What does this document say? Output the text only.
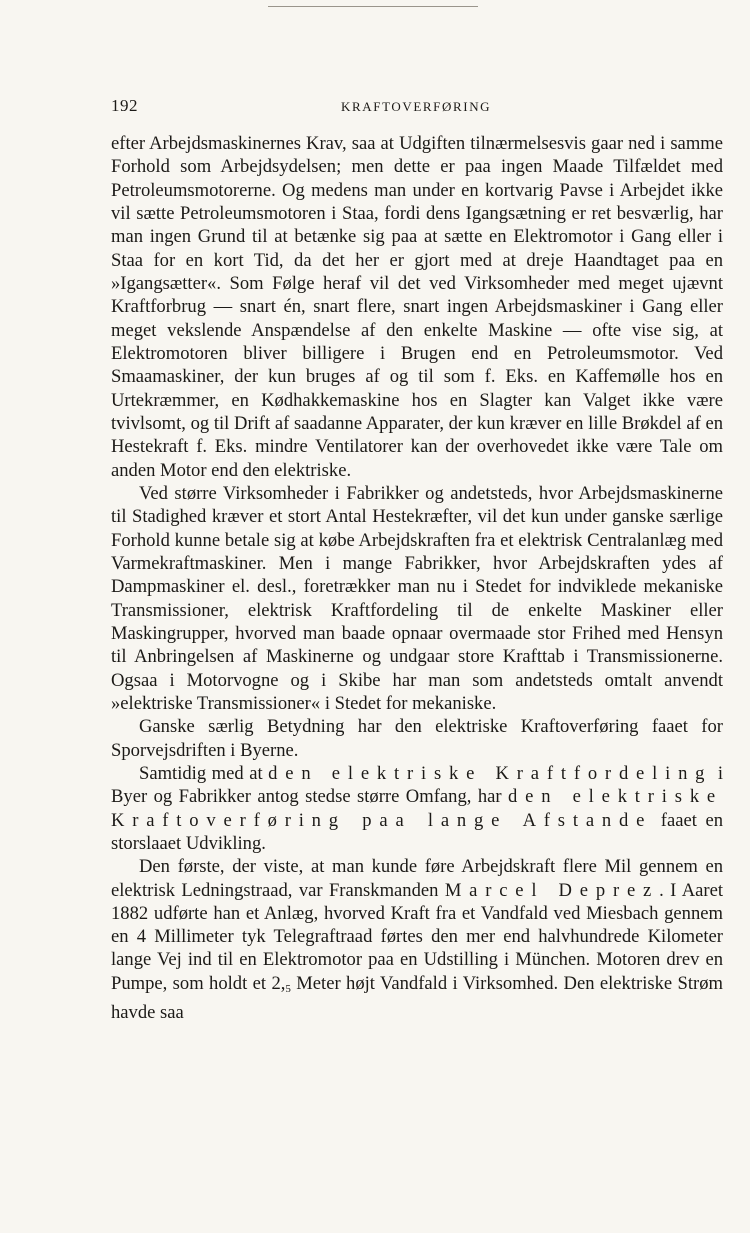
192	KRAFTOVERFØRING

efter Arbejdsmaskinernes Krav, saa at Udgiften tilnærmelsesvis gaar ned i samme Forhold som Arbejdsydelsen; men dette er paa ingen Maade Tilfældet med Petroleumsmotorerne. Og medens man under en kortvarig Pavse i Arbejdet ikke vil sætte Petroleumsmotoren i Staa, fordi dens Igangsætning er ret besværlig, har man ingen Grund til at betænke sig paa at sætte en Elektromotor i Gang eller i Staa for en kort Tid, da det her er gjort med at dreje Haandtaget paa en »Igangsætter«. Som Følge heraf vil det ved Virksomheder med meget ujævnt Kraftforbrug — snart én, snart flere, snart ingen Arbejdsmaskiner i Gang eller meget vekslende Anspændelse af den enkelte Maskine — ofte vise sig, at Elektromotoren bliver billigere i Brugen end en Petroleumsmotor. Ved Smaamaskiner, der kun bruges af og til som f. Eks. en Kaffemølle hos en Urtekræmmer, en Kødhakkemaskine hos en Slagter kan Valget ikke være tvivlsomt, og til Drift af saadanne Apparater, der kun kræver en lille Brøkdel af en Hestekraft f. Eks. mindre Ventilatorer kan der overhovedet ikke være Tale om anden Motor end den elektriske.

Ved større Virksomheder i Fabrikker og andetsteds, hvor Arbejdsmaskinerne til Stadighed kræver et stort Antal Hestekræfter, vil det kun under ganske særlige Forhold kunne betale sig at købe Arbejdskraften fra et elektrisk Centralanlæg med Varmekraftmaskiner. Men i mange Fabrikker, hvor Arbejdskraften ydes af Dampmaskiner el. desl., foretrækker man nu i Stedet for indviklede mekaniske Transmissioner, elektrisk Kraftfordeling til de enkelte Maskiner eller Maskingrupper, hvorved man baade opnaar overmaade stor Frihed med Hensyn til Anbringelsen af Maskinerne og undgaar store Krafttab i Transmissionerne. Ogsaa i Motorvogne og i Skibe har man som andetsteds omtalt anvendt »elektriske Transmissioner« i Stedet for mekaniske.

Ganske særlig Betydning har den elektriske Kraftoverføring faaet for Sporvejsdriften i Byerne.

Samtidig med at den elektriske Kraftfordeling i Byer og Fabrikker antog stedse større Omfang, har den elektriske Kraftoverføring paa lange Afstande faaet en storslaaet Udvikling.

Den første, der viste, at man kunde føre Arbejdskraft flere Mil gennem en elektrisk Ledningstraad, var Franskmanden Marcel Deprez. I Aaret 1882 udførte han et Anlæg, hvorved Kraft fra et Vandfald ved Miesbach gennem en 4 Millimeter tyk Telegraftraad førtes den mer end halvhundrede Kilometer lange Vej ind til en Elektromotor paa en Udstilling i München. Motoren drev en Pumpe, som holdt et $2,_5$ Meter højt Vandfald i Virksomhed. Den elektriske Strøm havde saa
